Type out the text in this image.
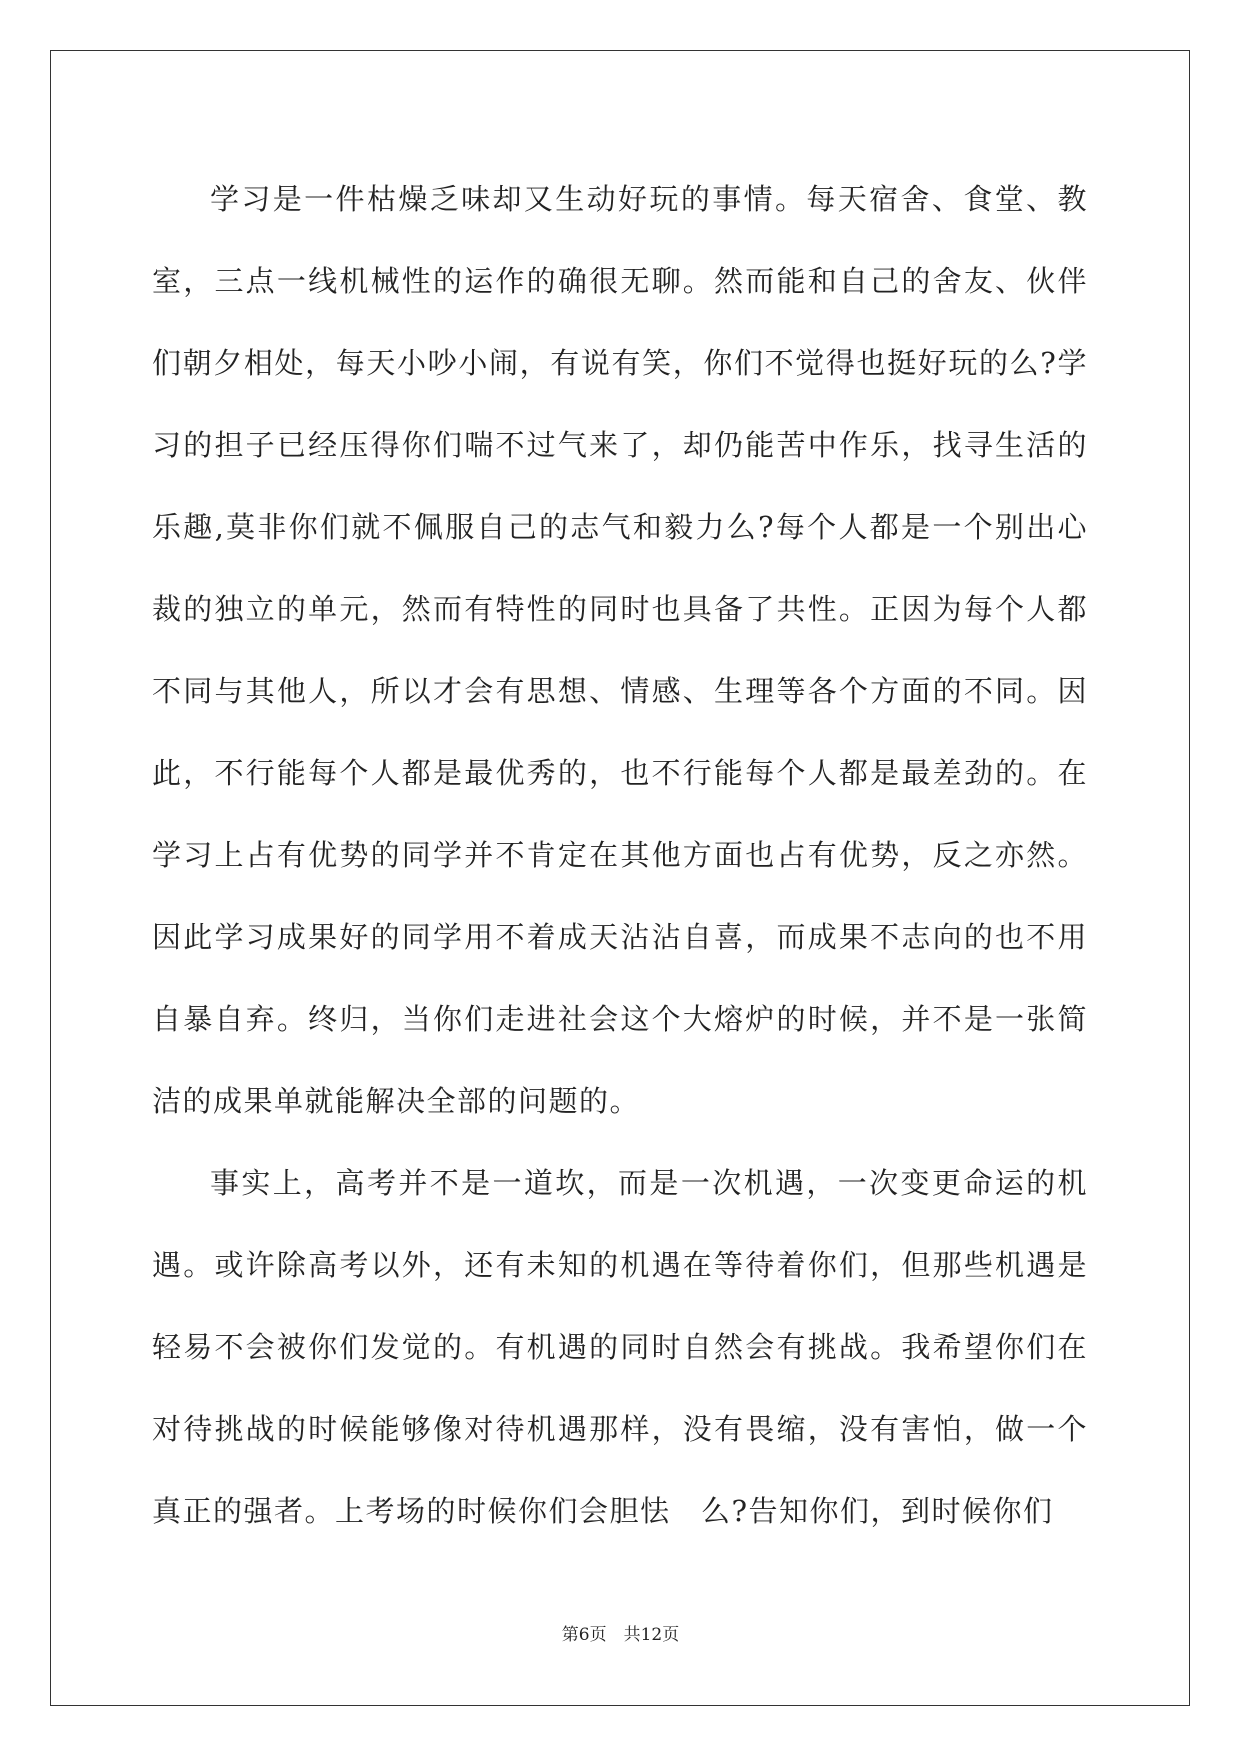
学习是一件枯燥乏味却又生动好玩的事情。每天宿舍、食堂、教室，三点一线机械性的运作的确很无聊。然而能和自己的舍友、伙伴们朝夕相处，每天小吵小闹，有说有笑，你们不觉得也挺好玩的么?学习的担子已经压得你们喘不过气来了，却仍能苦中作乐，找寻生活的乐趣,莫非你们就不佩服自己的志气和毅力么?每个人都是一个别出心裁的独立的单元，然而有特性的同时也具备了共性。正因为每个人都不同与其他人，所以才会有思想、情感、生理等各个方面的不同。因此，不行能每个人都是最优秀的，也不行能每个人都是最差劲的。在学习上占有优势的同学并不肯定在其他方面也占有优势，反之亦然。因此学习成果好的同学用不着成天沾沾自喜，而成果不志向的也不用自暴自弃。终归，当你们走进社会这个大熔炉的时候，并不是一张简洁的成果单就能解决全部的问题的。

事实上，高考并不是一道坎，而是一次机遇，一次变更命运的机遇。或许除高考以外，还有未知的机遇在等待着你们，但那些机遇是轻易不会被你们发觉的。有机遇的同时自然会有挑战。我希望你们在对待挑战的时候能够像对待机遇那样，没有畏缩，没有害怕，做一个真正的强者。上考场的时候你们会胆怯　么?告知你们，到时候你们

第6页　共12页
